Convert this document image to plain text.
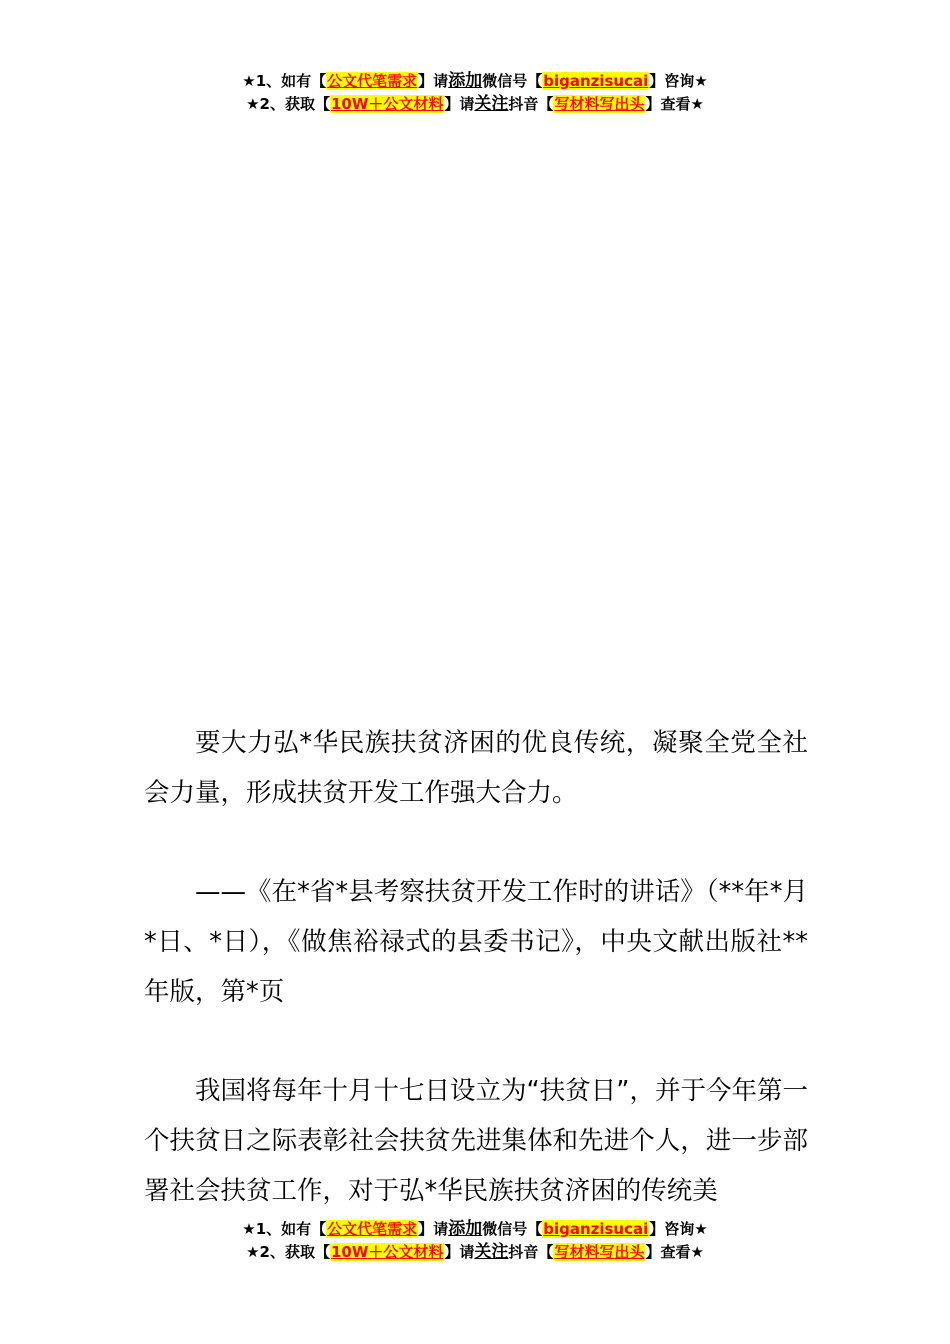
★1、如有【公文代笔需求】请添加微信号【biganzisucai】咨询★
★2、获取【10W＋公文材料】请关注抖音【写材料写出头】查看★

要大力弘*华民族扶贫济困的优良传统，凝聚全党全社会力量，形成扶贫开发工作强大合力。

——《在*省*县考察扶贫开发工作时的讲话》（**年*月*日、*日），《做焦裕禄式的县委书记》，中央文献出版社**年版，第*页

我国将每年十月十七日设立为“扶贫日”，并于今年第一个扶贫日之际表彰社会扶贫先进集体和先进个人，进一步部署社会扶贫工作，对于弘*华民族扶贫济困的传统美

★1、如有【公文代笔需求】请添加微信号【biganzisucai】咨询★
★2、获取【10W＋公文材料】请关注抖音【写材料写出头】查看★
